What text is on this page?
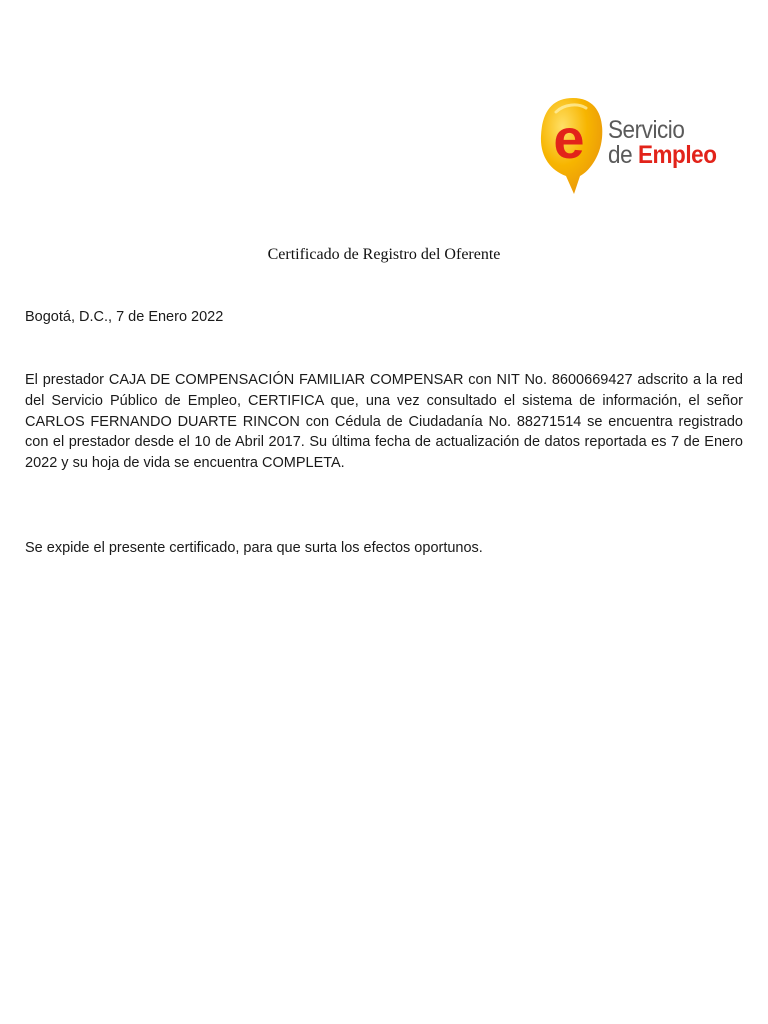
e Servicio
de Empleo
Certificado de Registro del Oferente
Bogotá, D.C., 7 de Enero 2022
El prestador CAJA DE COMPENSACIÓN FAMILIAR COMPENSAR con NIT No. 8600669427 adscrito a la red del Servicio Público de Empleo, CERTIFICA que, una vez consultado el sistema de información, el señor CARLOS FERNANDO DUARTE RINCON con Cédula de Ciudadanía No. 88271514 se encuentra registrado con el prestador desde el 10 de Abril 2017. Su última fecha de actualización de datos reportada es 7 de Enero 2022 y su hoja de vida se encuentra COMPLETA.
Se expide el presente certificado, para que surta los efectos oportunos.
